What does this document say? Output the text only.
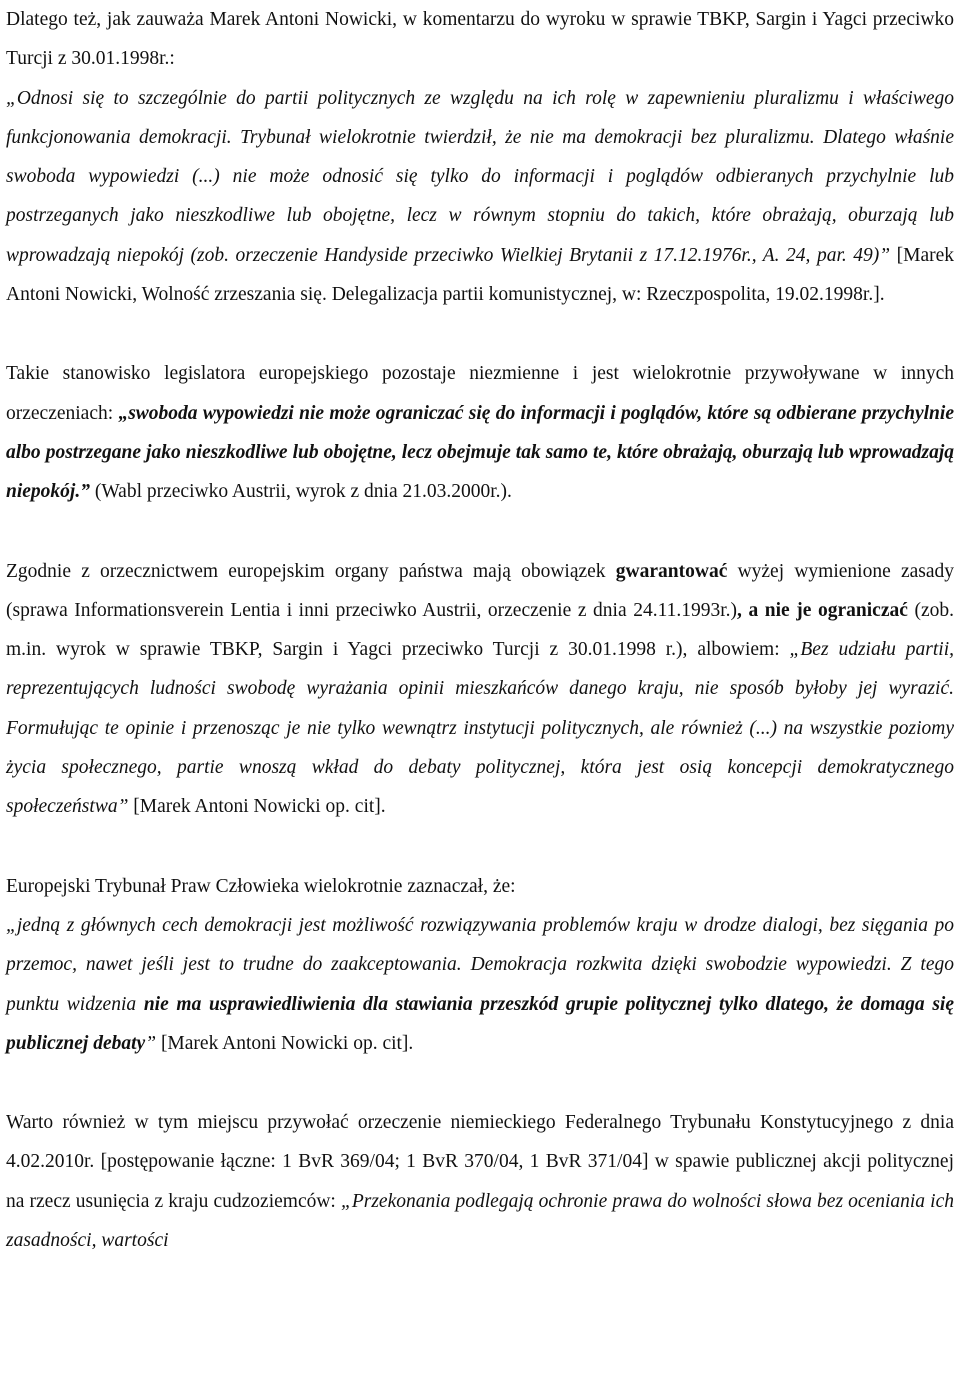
Dlatego też, jak zauważa Marek Antoni Nowicki, w komentarzu do wyroku w sprawie TBKP, Sargin i Yagci przeciwko Turcji z 30.01.1998r.:
„Odnosi się to szczególnie do partii politycznych ze względu na ich rolę w zapewnieniu pluralizmu i właściwego funkcjonowania demokracji. Trybunał wielokrotnie twierdził, że nie ma demokracji bez pluralizmu. Dlatego właśnie swoboda wypowiedzi (...) nie może odnosić się tylko do informacji i poglądów odbieranych przychylnie lub postrzeganych jako nieszkodliwe lub obojętne, lecz w równym stopniu do takich, które obrażają, oburzają lub wprowadzają niepokój (zob. orzeczenie Handyside przeciwko Wielkiej Brytanii z 17.12.1976r., A. 24, par. 49)” [Marek Antoni Nowicki, Wolność zrzeszania się. Delegalizacja partii komunistycznej, w: Rzeczpospolita, 19.02.1998r.].

Takie stanowisko legislatora europejskiego pozostaje niezmienne i jest wielokrotnie przywoływane w innych orzeczeniach: „swoboda wypowiedzi nie może ograniczać się do informacji i poglądów, które są odbierane przychylnie albo postrzegane jako nieszkodliwe lub obojętne, lecz obejmuje tak samo te, które obrażają, oburzają lub wprowadzają niepokój.” (Wabl przeciwko Austrii, wyrok z dnia 21.03.2000r.).

Zgodnie z orzecznictwem europejskim organy państwa mają obowiązek gwarantować wyżej wymienione zasady (sprawa Informationsverein Lentia i inni przeciwko Austrii, orzeczenie z dnia 24.11.1993r.), a nie je ograniczać (zob. m.in. wyrok w sprawie TBKP, Sargin i Yagci przeciwko Turcji z 30.01.1998 r.), albowiem: „Bez udziału partii, reprezentujących ludności swobodę wyrażania opinii mieszkańców danego kraju, nie sposób byłoby jej wyrazić. Formułując te opinie i przenosząc je nie tylko wewnątrz instytucji politycznych, ale również (...) na wszystkie poziomy życia społecznego, partie wnoszą wkład do debaty politycznej, która jest osią koncepcji demokratycznego społeczeństwa” [Marek Antoni Nowicki op. cit].

Europejski Trybunał Praw Człowieka wielokrotnie zaznaczał, że:

„jedną z głównych cech demokracji jest możliwość rozwiązywania problemów kraju w drodze dialogi, bez sięgania po przemoc, nawet jeśli jest to trudne do zaakceptowania. Demokracja rozkwita dzięki swobodzie wypowiedzi. Z tego punktu widzenia nie ma usprawiedliwienia dla stawiania przeszkód grupie politycznej tylko dlatego, że domaga się publicznej debaty” [Marek Antoni Nowicki op. cit].

Warto również w tym miejscu przywołać orzeczenie niemieckiego Federalnego Trybunału Konstytucyjnego z dnia 4.02.2010r. [postępowanie łączne: 1 BvR 369/04; 1 BvR 370/04, 1 BvR 371/04] w spawie publicznej akcji politycznej na rzecz usunięcia z kraju cudzoziemców: „Przekonania podlegają ochronie prawa do wolności słowa bez oceniania ich zasadności, wartości
